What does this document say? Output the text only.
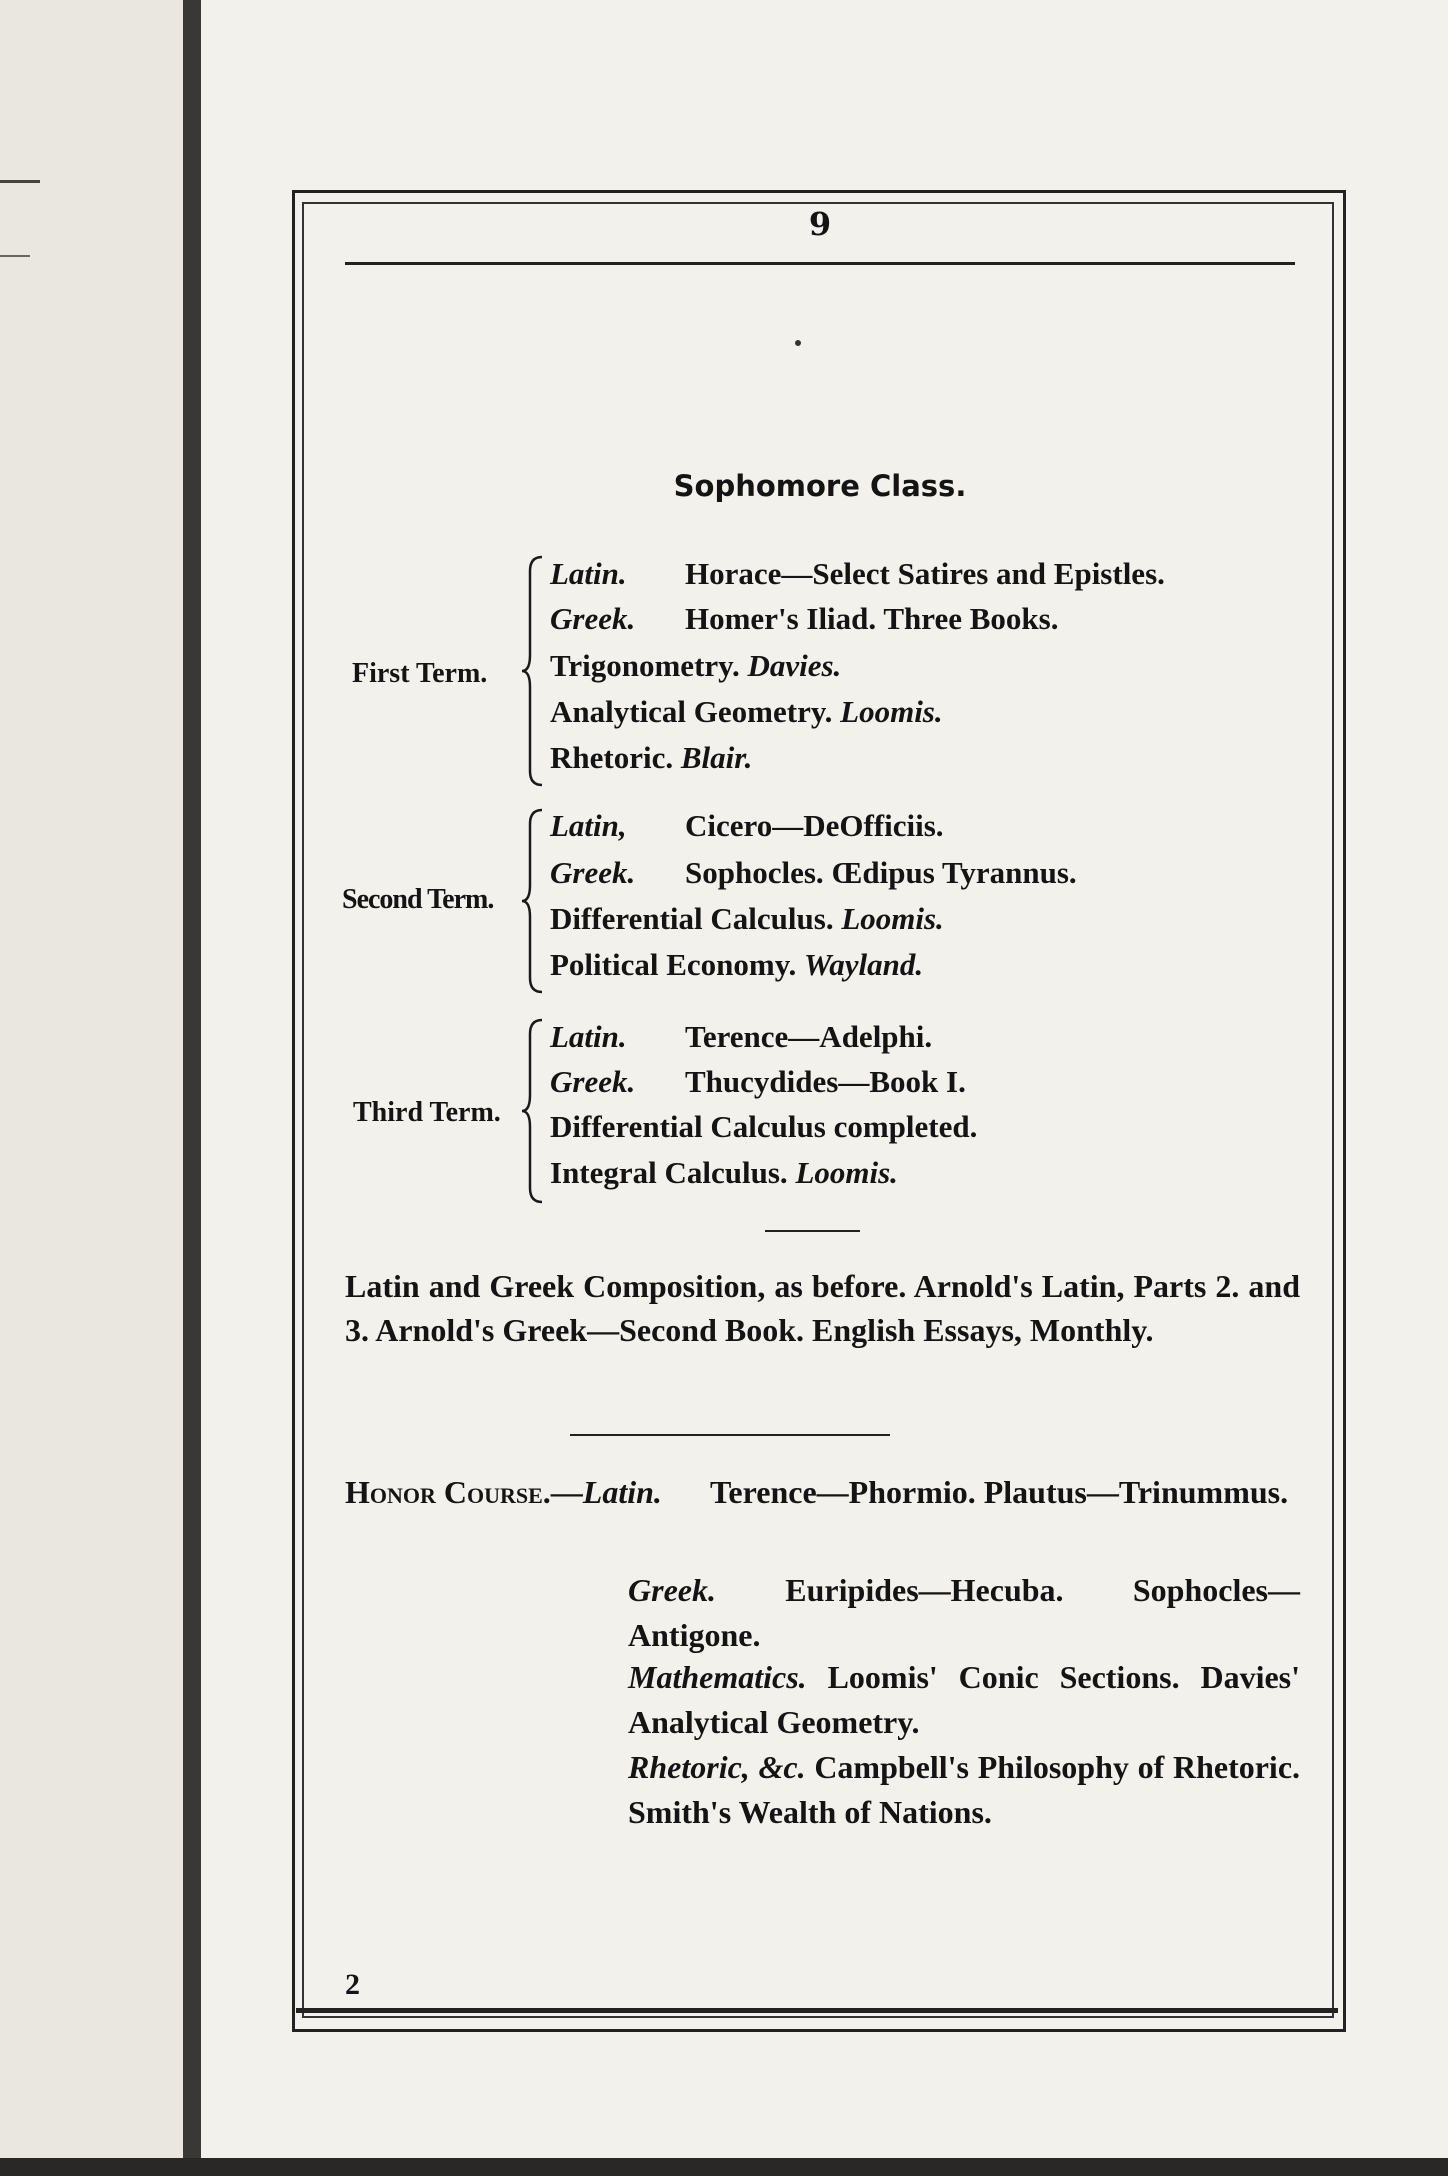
9
Sophomore Class.
First Term.
Latin. Horace—Select Satires and Epistles.
Greek. Homer's Iliad. Three Books.
Trigonometry. Davies.
Analytical Geometry. Loomis.
Rhetoric. Blair.
Second Term.
Latin, Cicero—DeOfficiis.
Greek. Sophocles. Œdipus Tyrannus.
Differential Calculus. Loomis.
Political Economy. Wayland.
Third Term.
Latin. Terence—Adelphi.
Greek. Thucydides—Book I.
Differential Calculus completed.
Integral Calculus. Loomis.
Latin and Greek Composition, as before. Arnold's Latin, Parts 2. and 3. Arnold's Greek—Second Book. English Essays, Monthly.
Honor Course.—Latin. Terence—Phormio. Plautus—Trinummus.
Greek. Euripides—Hecuba. Sophocles—Antigone.
Mathematics. Loomis' Conic Sections. Davies' Analytical Geometry.
Rhetoric, &c. Campbell's Philosophy of Rhetoric. Smith's Wealth of Nations.
2
